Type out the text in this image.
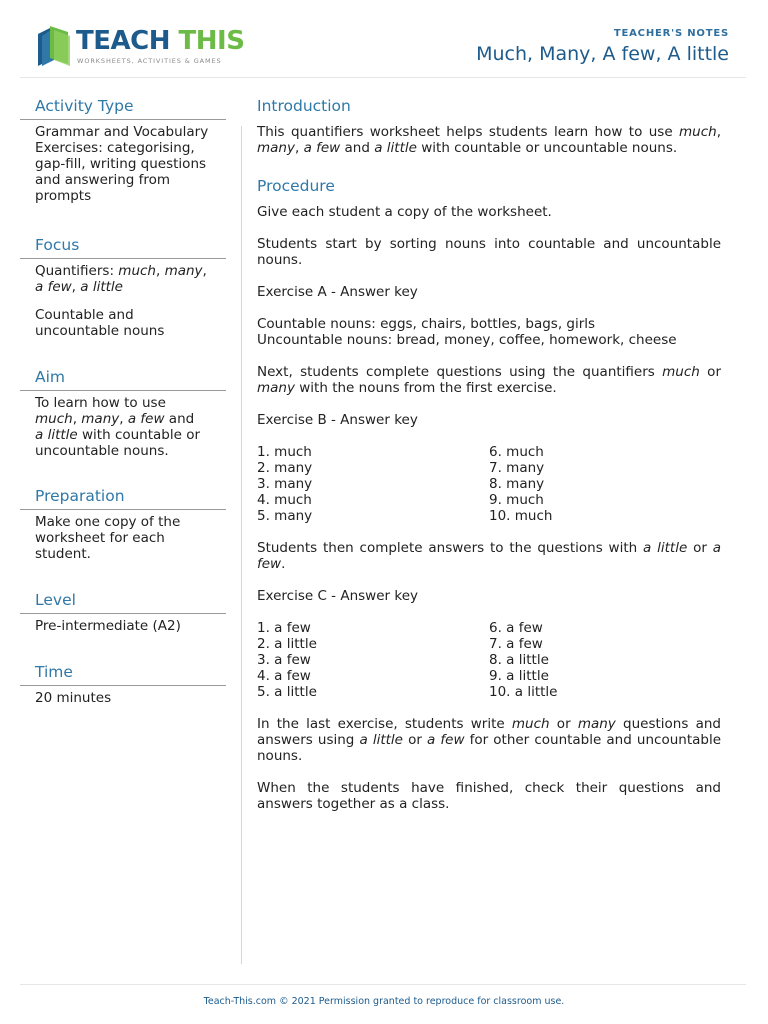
TEACH THIS
WORKSHEETS, ACTIVITIES & GAMES
TEACHER'S NOTES
Much, Many, A few, A little
Activity Type
Grammar and Vocabulary
Exercises: categorising,
gap-fill, writing questions
and answering from
prompts
Focus
Quantifiers: much, many,
a few, a little
Countable and
uncountable nouns
Aim
To learn how to use
much, many, a few and
a little with countable or
uncountable nouns.
Preparation
Make one copy of the
worksheet for each
student.
Level
Pre-intermediate (A2)
Time
20 minutes
Introduction

This quantifiers worksheet helps students learn how to use much, many, a few and a little with countable or uncountable nouns.

Procedure

Give each student a copy of the worksheet.

Students start by sorting nouns into countable and uncountable nouns.

Exercise A - Answer key

Countable nouns: eggs, chairs, bottles, bags, girls
Uncountable nouns: bread, money, coffee, homework, cheese

Next, students complete questions using the quantifiers much or many with the nouns from the first exercise.

Exercise B - Answer key

1. much
2. many
3. many
4. much
5. many
6. much
7. many
8. many
9. much
10. much

Students then complete answers to the questions with a little or a few.

Exercise C - Answer key

1. a few
2. a little
3. a few
4. a few
5. a little
6. a few
7. a few
8. a little
9. a little
10. a little

In the last exercise, students write much or many questions and answers using a little or a few for other countable and uncountable nouns.

When the students have finished, check their questions and answers together as a class.

Teach-This.com © 2021 Permission granted to reproduce for classroom use.
